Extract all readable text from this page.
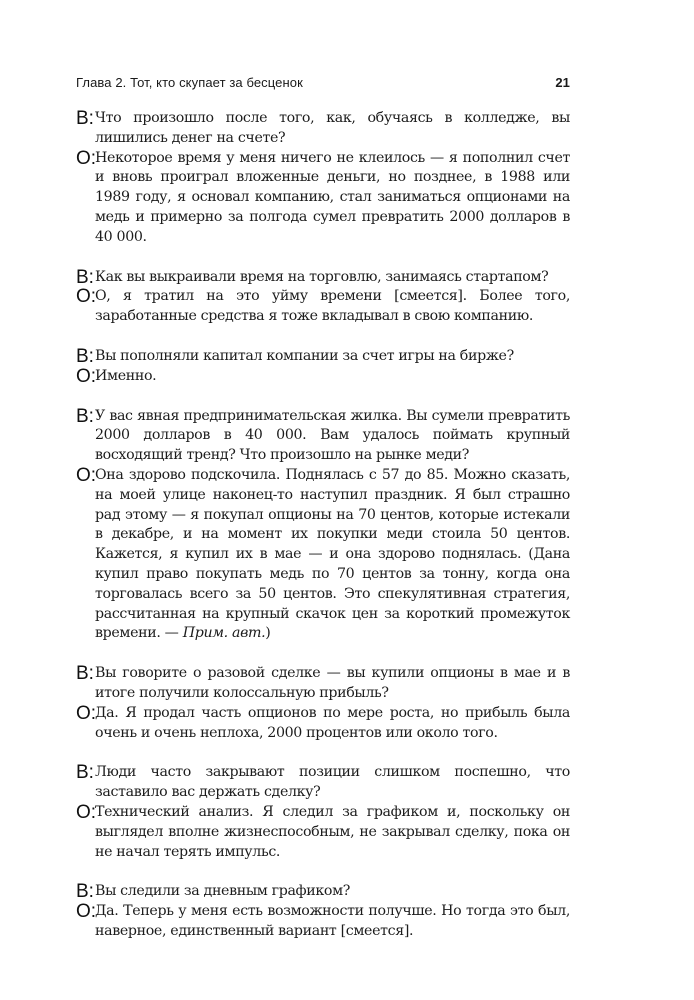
Глава 2. Тот, кто скупает за бесценок	21
В: Что произошло после того, как, обучаясь в колледже, вы лишились денег на счете?
О:
Некоторое время у меня ничего не клеилось — я пополнил счет и вновь проиграл вложенные деньги, но позднее, в 1988 или 1989 году, я основал компанию, стал заниматься опционами на медь и примерно за полгода сумел превратить 2000 долларов в 40 000.
В: Как вы выкраивали время на торговлю, занимаясь стартапом?
О:
О, я тратил на это уйму времени [смеется]. Более того, заработанные средства я тоже вкладывал в свою компанию.
В: Вы пополняли капитал компании за счет игры на бирже?
О:
Именно.
В: У вас явная предпринимательская жилка. Вы сумели превратить 2000 долларов в 40 000. Вам удалось поймать крупный восходящий тренд? Что произошло на рынке меди?
О:
Она здорово подскочила. Поднялась с 57 до 85. Можно сказать, на моей улице наконец-то наступил праздник. Я был страшно рад этому — я покупал опционы на 70 центов, которые истекали в декабре, и на момент их покупки меди стоила 50 центов. Кажется, я купил их в мае — и она здорово поднялась. (Дана купил право покупать медь по 70 центов за тонну, когда она торговалась всего за 50 центов. Это спекулятивная стратегия, рассчитанная на крупный скачок цен за короткий промежуток времени. — Прим. авт.)
В: Вы говорите о разовой сделке — вы купили опционы в мае и в итоге получили колоссальную прибыль?
О:
Да. Я продал часть опционов по мере роста, но прибыль была очень и очень неплоха, 2000 процентов или около того.
В: Люди часто закрывают позиции слишком поспешно, что заставило вас держать сделку?
О:
Технический анализ. Я следил за графиком и, поскольку он выглядел вполне жизнеспособным, не закрывал сделку, пока он не начал терять импульс.
В: Вы следили за дневным графиком?
О:
Да. Теперь у меня есть возможности получше. Но тогда это был, наверное, единственный вариант [смеется].
